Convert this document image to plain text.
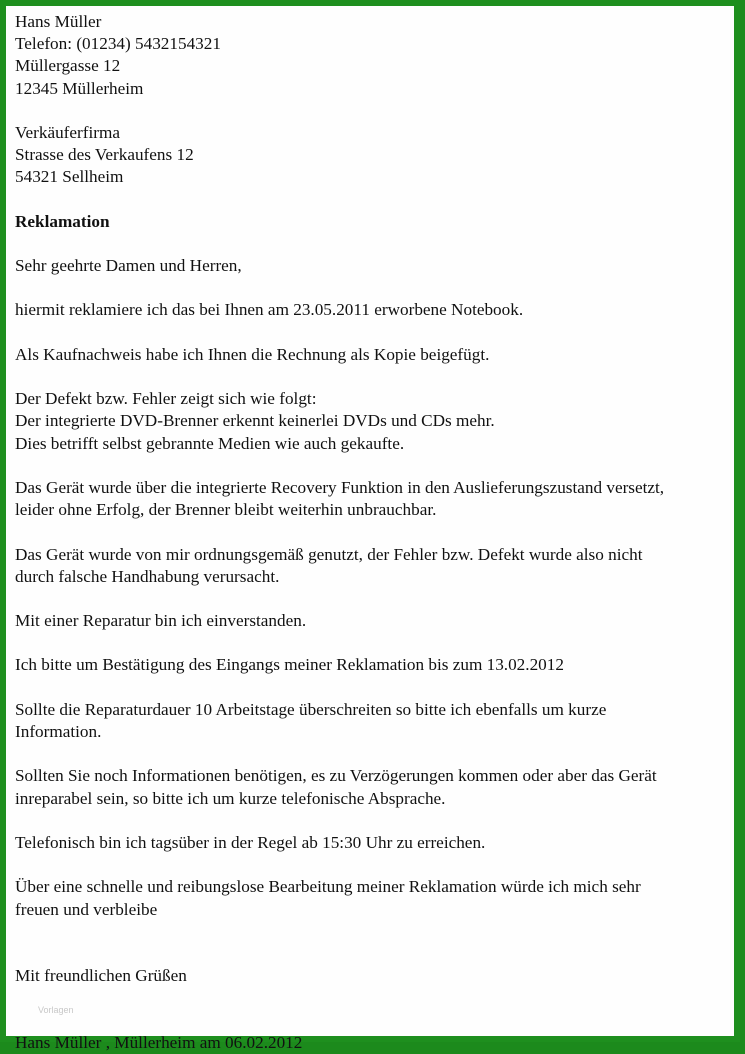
Hans Müller
Telefon: (01234) 5432154321
Müllergasse 12
12345 Müllerheim
Verkäuferfirma
Strasse des Verkaufens 12
54321 Sellheim
Reklamation
Sehr geehrte Damen und Herren,
hiermit reklamiere ich das bei Ihnen am 23.05.2011 erworbene Notebook.
Als Kaufnachweis habe ich Ihnen die Rechnung als Kopie beigefügt.
Der Defekt bzw. Fehler zeigt sich wie folgt:
Der integrierte DVD-Brenner erkennt keinerlei DVDs und CDs mehr.
Dies betrifft selbst gebrannte Medien wie auch gekaufte.
Das Gerät wurde über die integrierte Recovery Funktion in den Auslieferungszustand versetzt,
leider ohne Erfolg, der Brenner bleibt weiterhin unbrauchbar.
Das Gerät wurde von mir ordnungsgemäß genutzt, der Fehler bzw. Defekt wurde also nicht
durch falsche Handhabung verursacht.
Mit einer Reparatur bin ich einverstanden.
Ich bitte um Bestätigung des Eingangs meiner Reklamation bis zum 13.02.2012
Sollte die Reparaturdauer 10 Arbeitstage überschreiten so bitte ich ebenfalls um kurze
Information.
Sollten Sie noch Informationen benötigen, es zu Verzögerungen kommen oder aber das Gerät
inreparabel sein, so bitte ich um kurze telefonische Absprache.
Telefonisch bin ich tagsüber in der Regel ab 15:30 Uhr zu erreichen.
Über eine schnelle und reibungslose Bearbeitung meiner Reklamation würde ich mich sehr
freuen und verbleibe
Mit freundlichen Grüßen
Hans Müller , Müllerheim am 06.02.2012
Vorlagen
